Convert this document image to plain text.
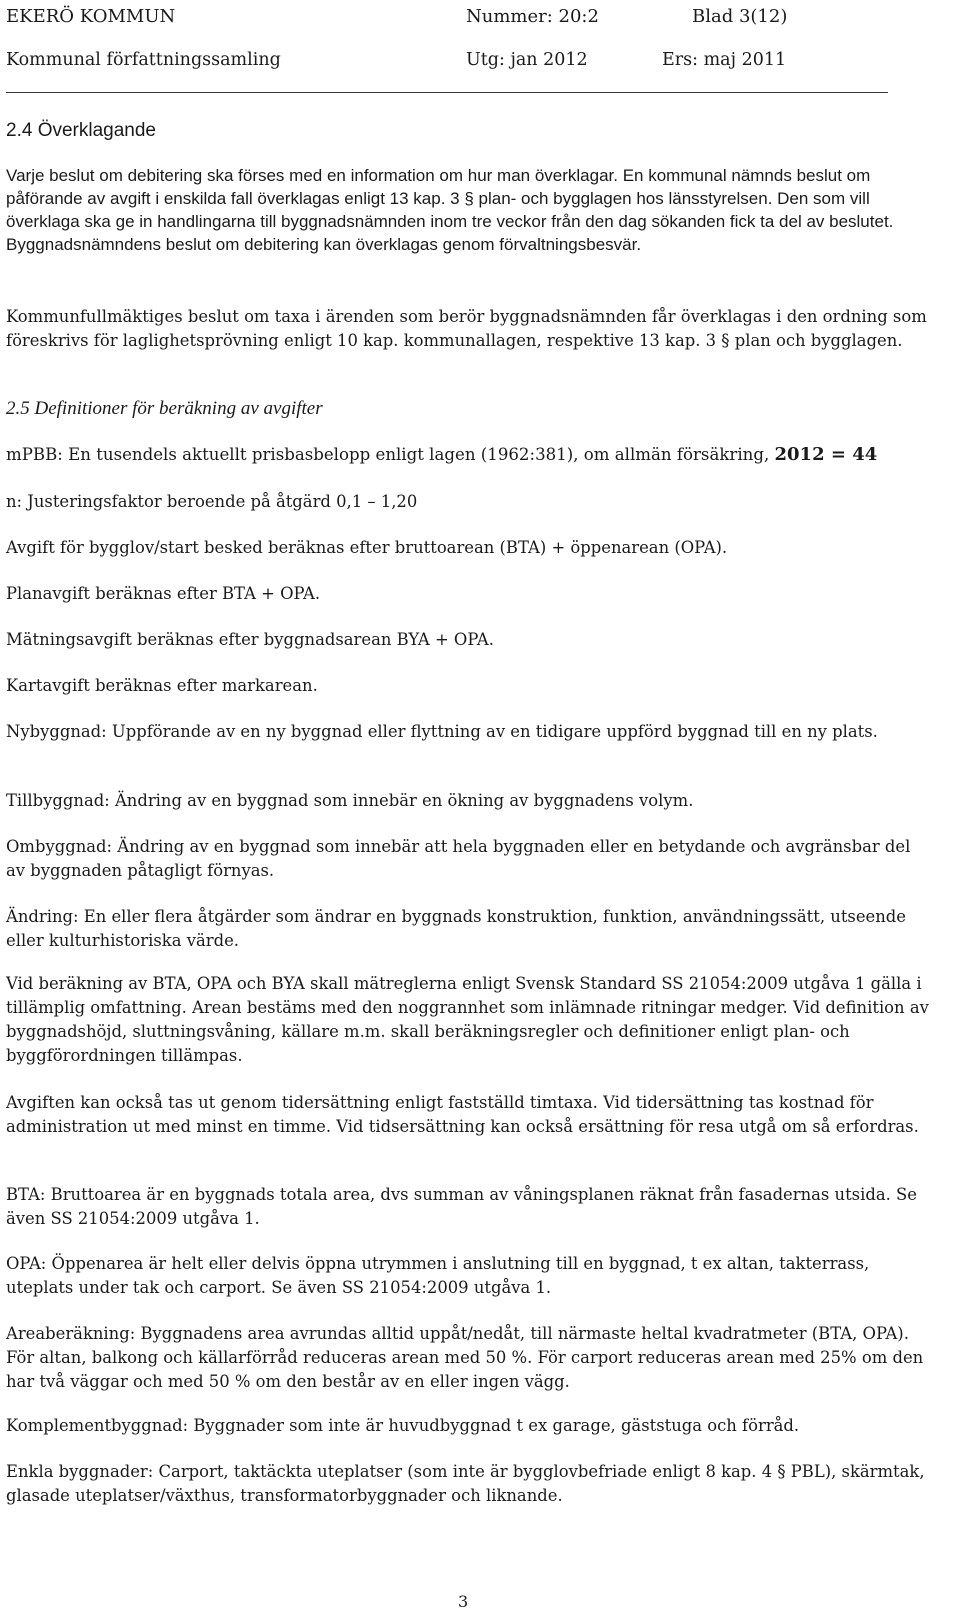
EKERÖ KOMMUN	Nummer: 20:2	Blad 3(12)
Kommunal författningssamling	Utg: jan 2012	Ers: maj 2011
2.4 Överklagande

Varje beslut om debitering ska förses med en information om hur man överklagar. En kommunal nämnds beslut om påförande av avgift i enskilda fall överklagas enligt 13 kap. 3 § plan- och bygglagen hos länsstyrelsen. Den som vill överklaga ska ge in handlingarna till byggnadsnämnden inom tre veckor från den dag sökanden fick ta del av beslutet. Byggnadsnämndens beslut om debitering kan överklagas genom förvaltningsbesvär.

Kommunfullmäktiges beslut om taxa i ärenden som berör byggnadsnämnden får överklagas i den ordning som föreskrivs för laglighetsprövning enligt 10 kap. kommunallagen, respektive 13 kap. 3 § plan och bygglagen.

2.5 Definitioner för beräkning av avgifter

mPBB: En tusendels aktuellt prisbasbelopp enligt lagen (1962:381), om allmän försäkring, 2012 = 44

n: Justeringsfaktor beroende på åtgärd 0,1 – 1,20

Avgift för bygglov/start besked beräknas efter bruttoarean (BTA) + öppenarean (OPA).

Planavgift beräknas efter BTA + OPA.

Mätningsavgift beräknas efter byggnadsarean BYA + OPA.

Kartavgift beräknas efter markarean.

Nybyggnad: Uppförande av en ny byggnad eller flyttning av en tidigare uppförd byggnad till en ny plats.

Tillbyggnad: Ändring av en byggnad som innebär en ökning av byggnadens volym.

Ombyggnad: Ändring av en byggnad som innebär att hela byggnaden eller en betydande och avgränsbar del av byggnaden påtagligt förnyas.

Ändring: En eller flera åtgärder som ändrar en byggnads konstruktion, funktion, användningssätt, utseende eller kulturhistoriska värde.

Vid beräkning av BTA, OPA och BYA skall mätreglerna enligt Svensk Standard SS 21054:2009 utgåva 1 gälla i tillämplig omfattning. Arean bestäms med den noggrannhet som inlämnade ritningar medger. Vid definition av byggnadshöjd, sluttningsvåning, källare m.m. skall beräkningsregler och definitioner enligt plan- och byggförordningen tillämpas.

Avgiften kan också tas ut genom tidersättning enligt fastställd timtaxa. Vid tidersättning tas kostnad för administration ut med minst en timme. Vid tidsersättning kan också ersättning för resa utgå om så erfordras.

BTA: Bruttoarea är en byggnads totala area, dvs summan av våningsplanen räknat från fasadernas utsida. Se även SS 21054:2009 utgåva 1.

OPA: Öppenarea är helt eller delvis öppna utrymmen i anslutning till en byggnad, t ex altan, takterrass, uteplats under tak och carport. Se även SS 21054:2009 utgåva 1.

Areaberäkning: Byggnadens area avrundas alltid uppåt/nedåt, till närmaste heltal kvadratmeter (BTA, OPA). För altan, balkong och källarförråd reduceras arean med 50 %. För carport reduceras arean med 25% om den har två väggar och med 50 % om den består av en eller ingen vägg.

Komplementbyggnad: Byggnader som inte är huvudbyggnad t ex garage, gäststuga och förråd.

Enkla byggnader: Carport, taktäckta uteplatser (som inte är bygglovbefriade enligt 8 kap. 4 § PBL), skärmtak, glasade uteplatser/växthus, transformatorbyggnader och liknande.

3
